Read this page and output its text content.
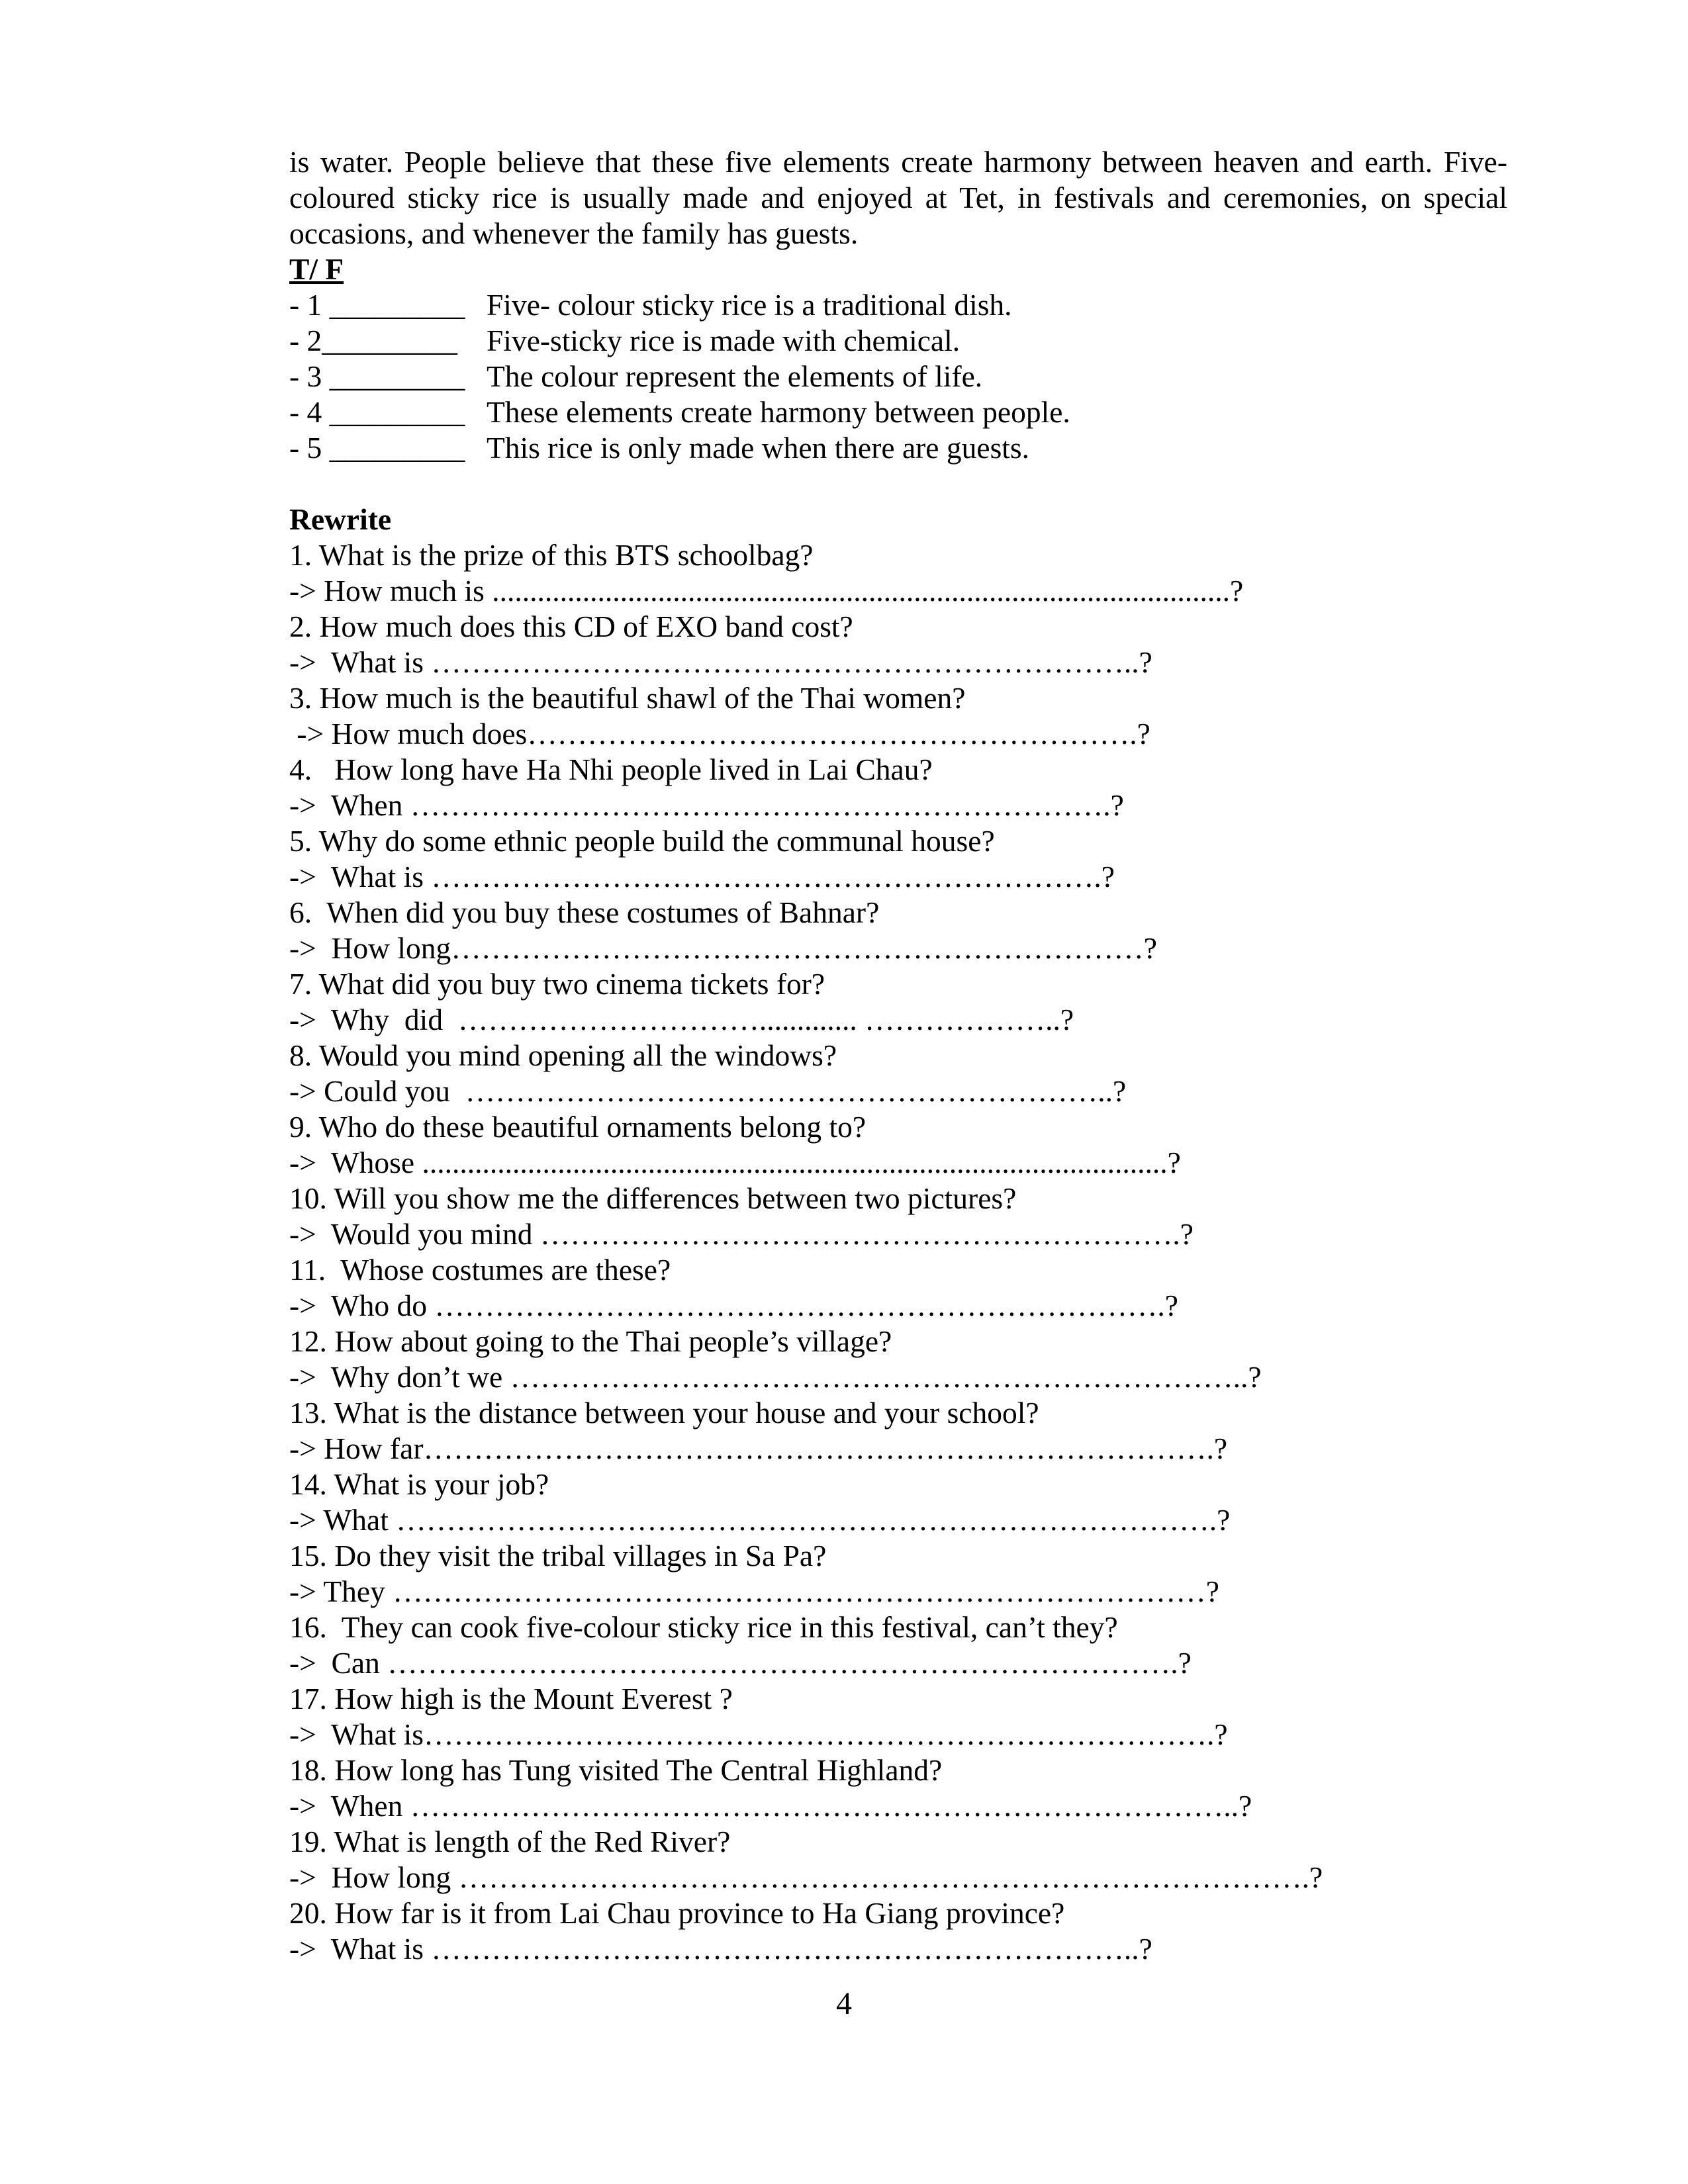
is water. People believe that these five elements create harmony between heaven and earth. Five-coloured sticky rice is usually made and enjoyed at Tet, in festivals and ceremonies, on special occasions, and whenever the family has guests.

T/ F

- 1 _________

Five- colour sticky rice is a traditional dish.

- 2_________

Five-sticky rice is made with chemical.

- 3 _________

The colour represent the elements of life.

- 4 _________

These elements create harmony between people.

- 5 _________

This rice is only made when there are guests.

Rewrite
1. What is the prize of this BTS schoolbag?
-> How much is ..................................................................................................?
2. How much does this CD of EXO band cost?
->  What is ……………………………………………………………..?
3. How much is the beautiful shawl of the Thai women?
-> How much does…………………………………………………….?
4.   How long have Ha Nhi people lived in Lai Chau?
->  When …………………………………………………………….?
5. Why do some ethnic people build the communal house?
->  What is ………………………………………………………….?
6.  When did you buy these costumes of Bahnar?
->  How long……………………………………………………………?
7. What did you buy two cinema tickets for?
->  Why  did  …………………………............. ………………..?
8. Would you mind opening all the windows?
-> Could you  ………………………………………………………..?
9. Who do these beautiful ornaments belong to?
->  Whose ...................................................................................................?
10. Will you show me the differences between two pictures?
->  Would you mind ……………………………………………………….?
11.  Whose costumes are these?
->  Who do ……………………………………………………………….?
12. How about going to the Thai people’s village?
->  Why don’t we ………………………………………………………………..?
13. What is the distance between your house and your school?
-> How far…………………………………………………………………….?
14. What is your job?
-> What ……………………………………………………………………….?
15. Do they visit the tribal villages in Sa Pa?
-> They ………………………………………………………………………?
16.  They can cook five-colour sticky rice in this festival, can’t they?
->  Can …………………………………………………………………….?
17. How high is the Mount Everest ?
->  What is…………………………………………………………………….?
18. How long has Tung visited The Central Highland?
->  When ………………………………………………………………………..?
19. What is length of the Red River?
->  How long ………………………………………………………………………….?
20. How far is it from Lai Chau province to Ha Giang province?
->  What is ……………………………………………………………..?
4
